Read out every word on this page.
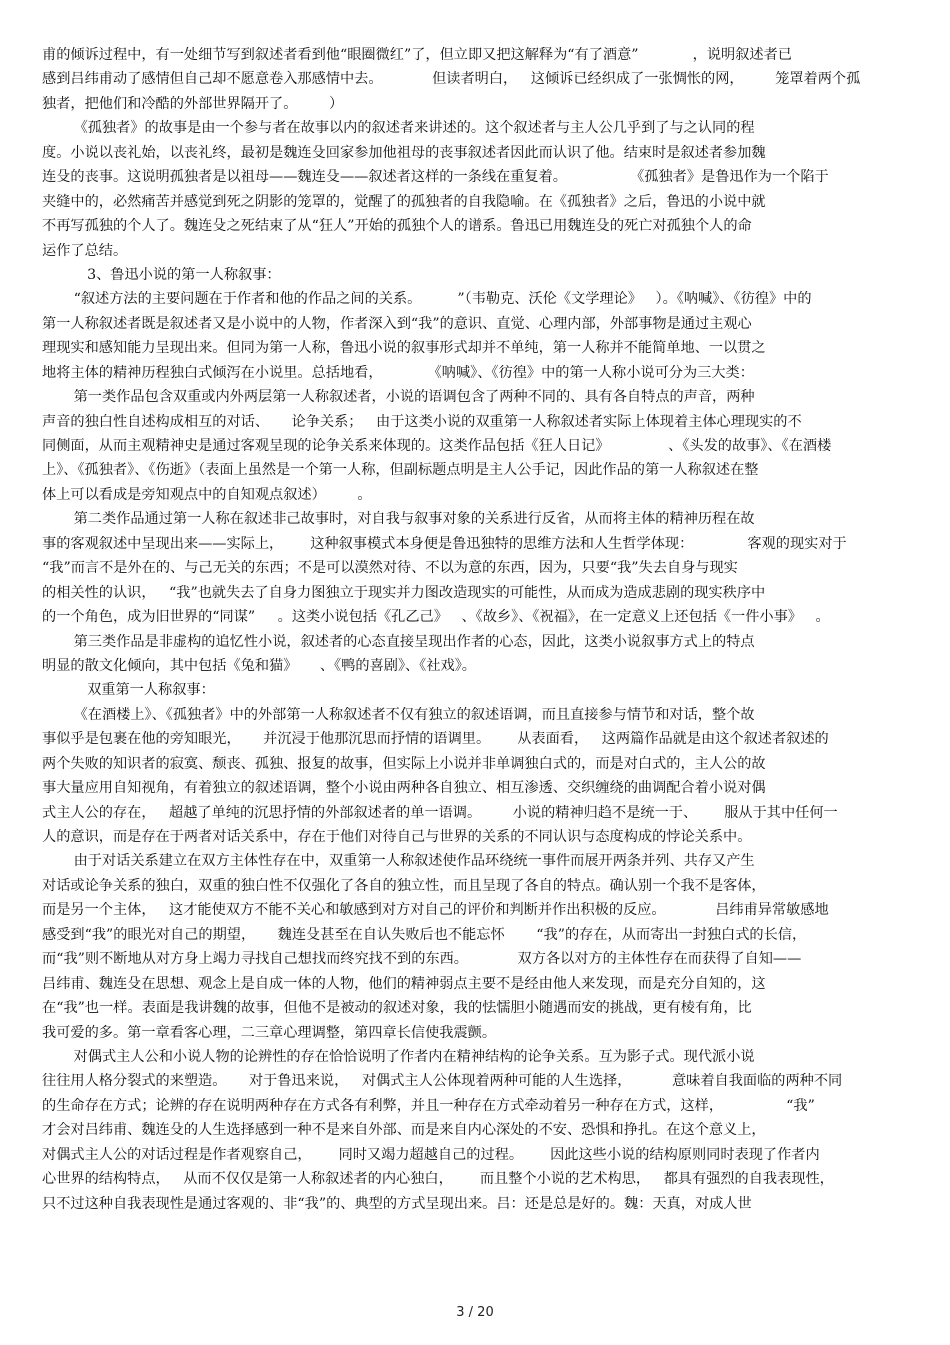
甫的倾诉过程中，有一处细节写到叙述者看到他“眼圈微红”了，但立即又把这解释为“有了酒意”            ，说明叙述者已
感到吕纬甫动了感情但自己却不愿意卷入那感情中去。           但读者明白，   这倾诉已经织成了一张惆怅的网，       笼罩着两个孤
独者，把他们和冷酷的外部世界隔开了。       ）
《孤独者》的故事是由一个参与者在故事以内的叙述者来讲述的。这个叙述者与主人公几乎到了与之认同的程
度。小说以丧礼始，以丧礼终，最初是魏连殳回家参加他祖母的丧事叙述者因此而认识了他。结束时是叙述者参加魏
连殳的丧事。这说明孤独者是以祖母——魏连殳——叙述者这样的一条线在重复着。              《孤独者》是鲁迅作为一个陷于
夹缝中的，必然痛苦并感觉到死之阴影的笼罩的，觉醒了的孤独者的自我隐喻。在《孤独者》之后，鲁迅的小说中就
不再写孤独的个人了。魏连殳之死结束了从“狂人”开始的孤独个人的谱系。鲁迅已用魏连殳的死亡对孤独个人的命
运作了总结。
3、鲁迅小说的第一人称叙事：
“叙述方法的主要问题在于作者和他的作品之间的关系。        ”（韦勒克、沃伦《文学理论》   ）。《呐喊》、《彷徨》中的
第一人称叙述者既是叙述者又是小说中的人物，作者深入到“我”的意识、直觉、心理内部，外部事物是通过主观心
理现实和感知能力呈现出来。但同为第一人称，鲁迅小说的叙事形式却并不单纯，第一人称并不能简单地、一以贯之
地将主体的精神历程独白式倾泻在小说里。总括地看，          《呐喊》、《彷徨》中的第一人称小说可分为三大类：
第一类作品包含双重或内外两层第一人称叙述者，小说的语调包含了两种不同的、具有各自特点的声音，两种
声音的独白性自述构成相互的对话、     论争关系；   由于这类小说的双重第一人称叙述者实际上体现着主体心理现实的不
同侧面，从而主观精神史是通过客观呈现的论争关系来体现的。这类作品包括《狂人日记》             、《头发的故事》、《在酒楼
上》、《孤独者》、《伤逝》（表面上虽然是一个第一人称，但副标题点明是主人公手记，因此作品的第一人称叙述在整
体上可以看成是旁知观点中的自知观点叙述）       。
第二类作品通过第一人称在叙述非己故事时，对自我与叙事对象的关系进行反省，从而将主体的精神历程在故
事的客观叙述中呈现出来——实际上，      这种叙事模式本身便是鲁迅独特的思维方法和人生哲学体现：            客观的现实对于
“我”而言不是外在的、与己无关的东西；不是可以漠然对待、不以为意的东西，因为，只要“我”失去自身与现实
的相关性的认识，   “我”也就失去了自身力图独立于现实并力图改造现实的可能性，从而成为造成悲剧的现实秩序中
的一个角色，成为旧世界的“同谋”     。这类小说包括《孔乙己》   、《故乡》、《祝福》，在一定意义上还包括《一件小事》   。
第三类作品是非虚构的追忆性小说，叙述者的心态直接呈现出作者的心态，因此，这类小说叙事方式上的特点
明显的散文化倾向，其中包括《兔和猫》     、《鸭的喜剧》、《社戏》。
双重第一人称叙事：
《在酒楼上》、《孤独者》中的外部第一人称叙述者不仅有独立的叙述语调，而且直接参与情节和对话，整个故
事似乎是包裹在他的旁知眼光，     并沉浸于他那沉思而抒情的语调里。      从表面看，   这两篇作品就是由这个叙述者叙述的
两个失败的知识者的寂寞、颓丧、孤独、报复的故事，但实际上小说并非单调独白式的，而是对白式的，主人公的故
事大量应用自知视角，有着独立的叙述语调，整个小说由两种各自独立、相互渗透、交织缠绕的曲调配合着小说对偶
式主人公的存在，   超越了单纯的沉思抒情的外部叙述者的单一语调。       小说的精神归趋不是统一于、      服从于其中任何一
人的意识，而是存在于两者对话关系中，存在于他们对待自己与世界的关系的不同认识与态度构成的悖论关系中。
由于对话关系建立在双方主体性存在中，双重第一人称叙述使作品环绕统一事件而展开两条并列、共存又产生
对话或论争关系的独白，双重的独白性不仅强化了各自的独立性，而且呈现了各自的特点。确认别一个我不是客体，
而是另一个主体，   这才能使双方不能不关心和敏感到对方对自己的评价和判断并作出积极的反应。           吕纬甫异常敏感地
感受到“我”的眼光对自己的期望，     魏连殳甚至在自认失败后也不能忘怀       “我”的存在，从而寄出一封独白式的长信，
而“我”则不断地从对方身上竭力寻找自己想找而终究找不到的东西。           双方各以对方的主体性存在而获得了自知——
吕纬甫、魏连殳在思想、观念上是自成一体的人物，他们的精神弱点主要不是经由他人来发现，而是充分自知的，这
在“我”也一样。表面是我讲魏的故事，但他不是被动的叙述对象，我的怯懦胆小随遇而安的挑战，更有棱有角，比
我可爱的多。第一章看客心理，二三章心理调整，第四章长信使我震颤。
对偶式主人公和小说人物的论辨性的存在恰恰说明了作者内在精神结构的论争关系。互为影子式。现代派小说
往往用人格分裂式的来塑造。     对于鲁迅来说，   对偶式主人公体现着两种可能的人生选择，         意味着自我面临的两种不同
的生命存在方式；论辨的存在说明两种存在方式各有利弊，并且一种存在方式牵动着另一种存在方式，这样，              “我”
才会对吕纬甫、魏连殳的人生选择感到一种不是来自外部、而是来自内心深处的不安、恐惧和挣扎。在这个意义上，
对偶式主人公的对话过程是作者观察自己，      同时又竭力超越自己的过程。      因此这些小说的结构原则同时表现了作者内
心世界的结构特点，   从而不仅仅是第一人称叙述者的内心独白，      而且整个小说的艺术构思，   都具有强烈的自我表现性，
只不过这种自我表现性是通过客观的、非“我”的、典型的方式呈现出来。吕：还是总是好的。魏：天真，对成人世
3 / 20
